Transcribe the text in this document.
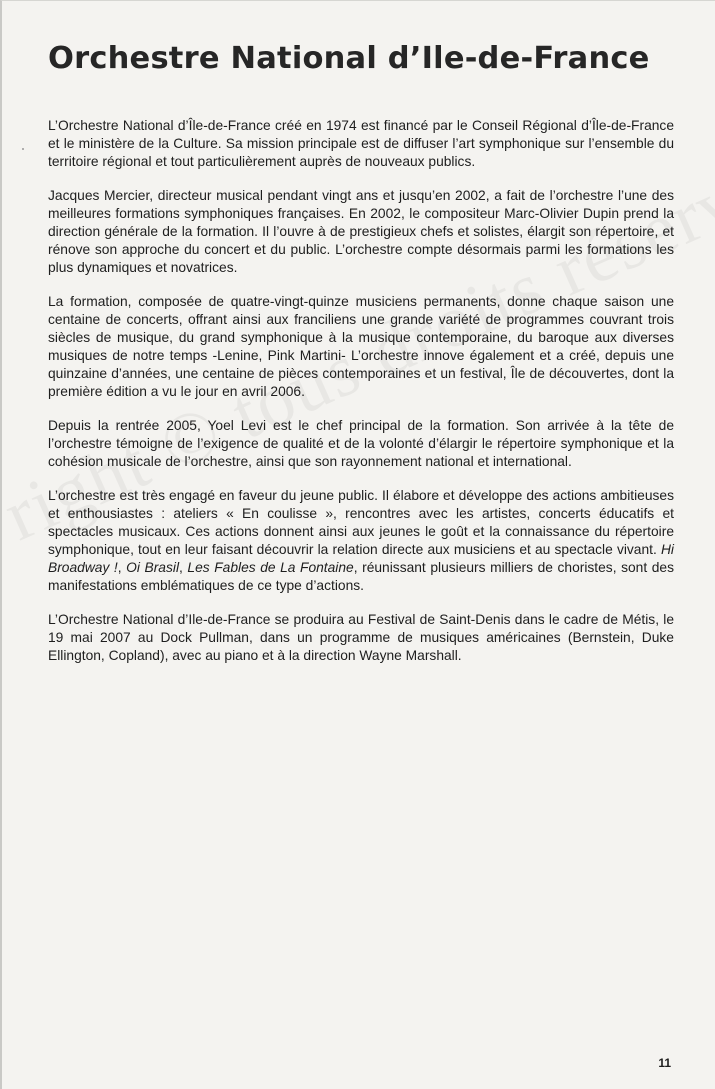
Orchestre National d’Ile-de-France

L’Orchestre National d’Île-de-France créé en 1974 est financé par le Conseil Régional d’Île-de-France et le ministère de la Culture. Sa mission principale est de diffuser l’art symphonique sur l’ensemble du territoire régional et tout particulièrement auprès de nouveaux publics.

Jacques Mercier, directeur musical pendant vingt ans et jusqu’en 2002, a fait de l’orchestre l’une des meilleures formations symphoniques françaises. En 2002, le compositeur Marc-Olivier Dupin prend la direction générale de la formation. Il l’ouvre à de prestigieux chefs et solistes, élargit son répertoire, et rénove son approche du concert et du public. L’orchestre compte désormais parmi les formations les plus dynamiques et novatrices.

La formation, composée de quatre-vingt-quinze musiciens permanents, donne chaque saison une centaine de concerts, offrant ainsi aux franciliens une grande variété de programmes couvrant trois siècles de musique, du grand symphonique à la musique contemporaine, du baroque aux diverses musiques de notre temps -Lenine, Pink Martini- L’orchestre innove également et a créé, depuis une quinzaine d’années, une centaine de pièces contemporaines et un festival, Île de découvertes, dont la première édition a vu le jour en avril 2006.

Depuis la rentrée 2005, Yoel Levi est le chef principal de la formation. Son arrivée à la tête de l’orchestre témoigne de l’exigence de qualité et de la volonté d’élargir le répertoire symphonique et la cohésion musicale de l’orchestre, ainsi que son rayonnement national et international.

L’orchestre est très engagé en faveur du jeune public. Il élabore et développe des actions ambitieuses et enthousiastes : ateliers « En coulisse », rencontres avec les artistes, concerts éducatifs et spectacles musicaux. Ces actions donnent ainsi aux jeunes le goût et la connaissance du répertoire symphonique, tout en leur faisant découvrir la relation directe aux musiciens et au spectacle vivant. Hi Broadway !, Oi Brasil, Les Fables de La Fontaine, réunissant plusieurs milliers de choristes, sont des manifestations emblématiques de ce type d’actions.

L’Orchestre National d’Ile-de-France se produira au Festival de Saint-Denis dans le cadre de Métis, le 19 mai 2007 au Dock Pullman, dans un programme de musiques américaines (Bernstein, Duke Ellington, Copland), avec au piano et à la direction Wayne Marshall.

11
